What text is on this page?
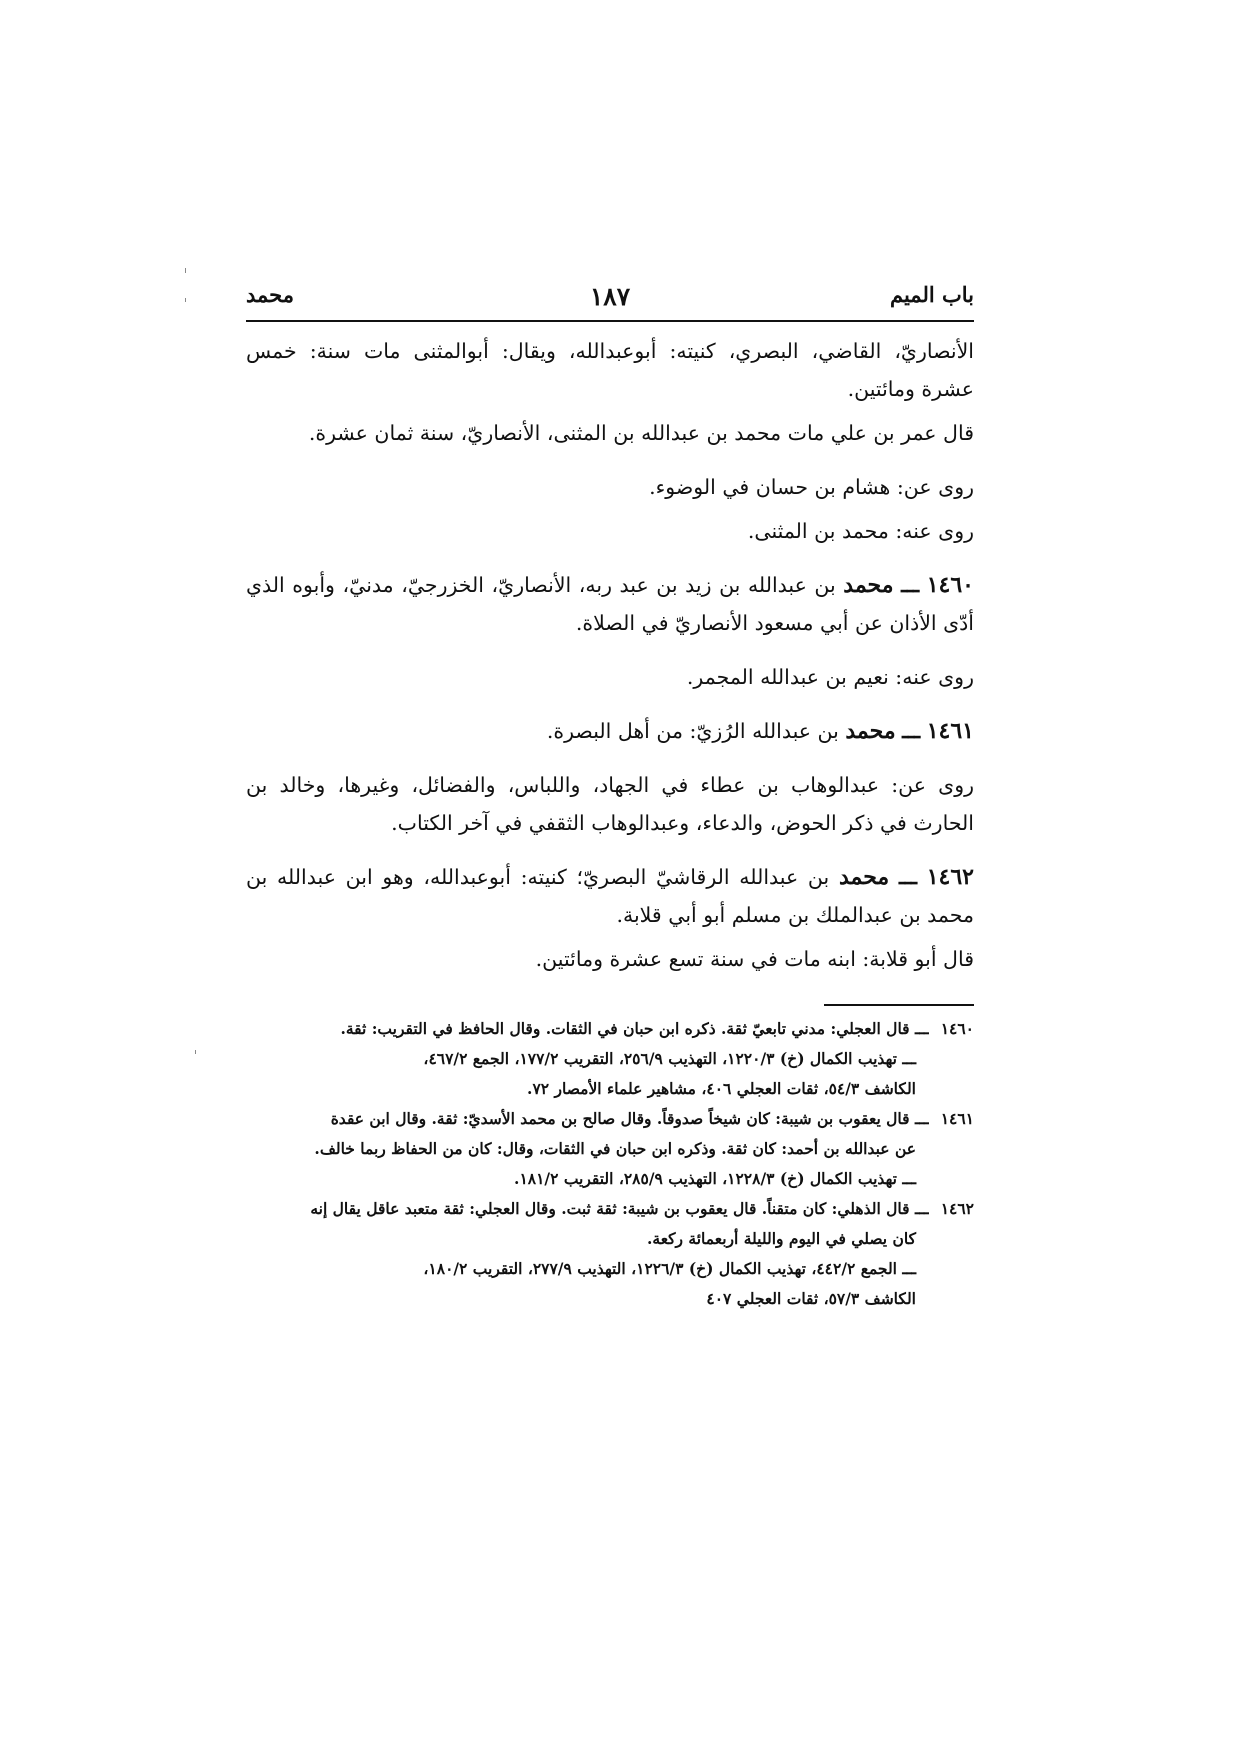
باب الميم
١٨٧
محمد

الأنصاريّ، القاضي، البصري، كنيته: أبوعبدالله، ويقال: أبوالمثنى مات سنة: خمس عشرة ومائتين.

قال عمر بن علي مات محمد بن عبدالله بن المثنى، الأنصاريّ، سنة ثمان عشرة.

روى عن: هشام بن حسان في الوضوء.

روى عنه: محمد بن المثنى.

١٤٦٠ ـــ محمد بن عبدالله بن زيد بن عبد ربه، الأنصاريّ، الخزرجيّ، مدنيّ، وأبوه الذي أدّى الأذان عن أبي مسعود الأنصاريّ في الصلاة.

روى عنه: نعيم بن عبدالله المجمر.

١٤٦١ ـــ محمد بن عبدالله الرُزيّ: من أهل البصرة.

روى عن: عبدالوهاب بن عطاء في الجهاد، واللباس، والفضائل، وغيرها، وخالد بن الحارث في ذكر الحوض، والدعاء، وعبدالوهاب الثقفي في آخر الكتاب.

١٤٦٢ ـــ محمد بن عبدالله الرقاشيّ البصريّ؛ كنيته: أبوعبدالله، وهو ابن عبدالله بن محمد بن عبدالملك بن مسلم أبو أبي قلابة.

قال أبو قلابة: ابنه مات في سنة تسع عشرة ومائتين.

١٤٦٠ ـــ قال العجلي: مدني تابعيّ ثقة. ذكره ابن حبان في الثقات. وقال الحافظ في التقريب: ثقة.

ـــ تهذيب الكمال (خ) ١٢٢٠/٣، التهذيب ٢٥٦/٩، التقريب ١٧٧/٢، الجمع ٤٦٧/٢،

الكاشف ٥٤/٣، ثقات العجلي ٤٠٦، مشاهير علماء الأمصار ٧٢.

١٤٦١ ـــ قال يعقوب بن شيبة: كان شيخاً صدوقاً. وقال صالح بن محمد الأسديّ: ثقة. وقال ابن عقدة

عن عبدالله بن أحمد: كان ثقة. وذكره ابن حبان في الثقات، وقال: كان من الحفاظ ربما خالف.

ـــ تهذيب الكمال (خ) ١٢٢٨/٣، التهذيب ٢٨٥/٩، التقريب ١٨١/٢.

١٤٦٢ ـــ قال الذهلي: كان متقناً. قال يعقوب بن شيبة: ثقة ثبت. وقال العجلي: ثقة متعبد عاقل يقال إنه

كان يصلي في اليوم والليلة أربعمائة ركعة.

ـــ الجمع ٤٤٢/٢، تهذيب الكمال (خ) ١٢٢٦/٣، التهذيب ٢٧٧/٩، التقريب ١٨٠/٢،

الكاشف ٥٧/٣، ثقات العجلي ٤٠٧
